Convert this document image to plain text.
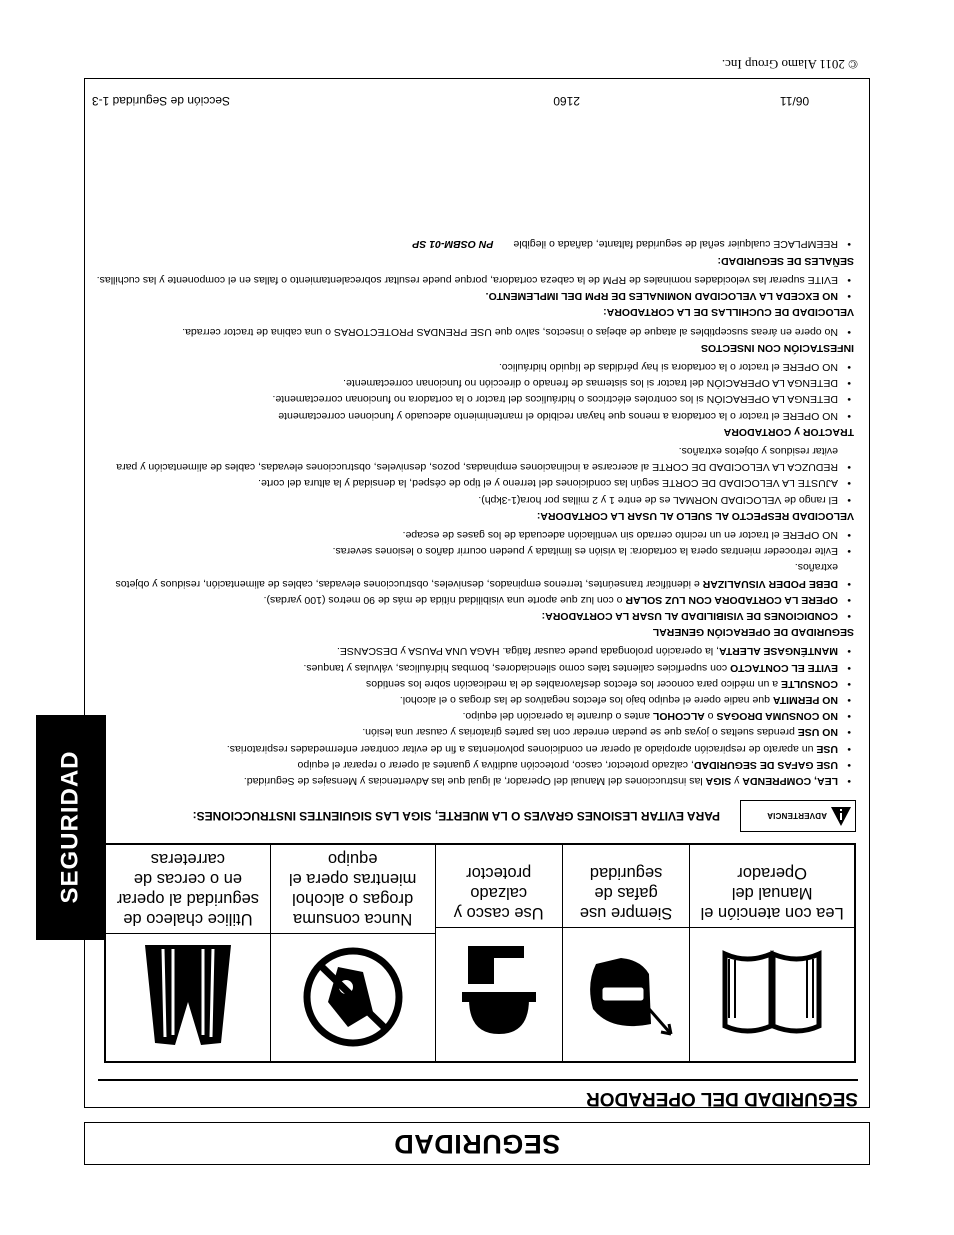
SEGURIDAD
SEGURIDAD
SEGURIDAD DEL OPERADOR
Lea con atención el Manual del Operador
Siempre use gafas de seguridad
Use casco y calzado protector
Nunca consuma drogas o alcohol mientras opera el equipo
Utilice chaleco de seguridad al operar en o cercas de carreteras
ADVERTENCIA
PARA EVITAR LESIONES GRAVES O LA MUERTE, SIGA LAS SIGUIENTES INSTRUCCIONES:
• LEA, COMPRENDA y SIGA las instrucciones del Manual del Operador, al igual que las Advertencias y Mensajes de Seguridad.
• USE GAFAS DE SEGURIDAD, calzado protector, casco, protección auditiva y guantes al operar o reparar el equipo
• USE un aparato de respiración apropiado al operar en condiciones polvorientas a fin de evitar contraer enfermedades respiratorias.
• NO USE prendas sueltas o joyas que se puedan enredar con las partes giratorias y causar una lesión.
• NO CONSUMA DROGAS o ALCOHOL antes o durante la operación del equipo.
• NO PERMITA que nadie opere el equipo bajo los efectos negativos de las drogas o el alcohol.
• CONSULTE a un médico para conocer los efectos desfavorables de la medicación sobre los sentidos
• EVITE EL CONTACTO con superficies calientes tales como silenciadores, bombas hidráulicas, válvulas y tanques.
• MANTÉNGASE ALERTA, la operación prolongada puede causar fatiga. HAGA UNA PAUSA y DESCANSE.
SEGURIDAD DE OPERACIÓN GENERAL
• CONDICIONES DE VISIBILIDAD AL USAR LA CORTADORA:
• OPERE LA CORTADORA CON LUZ SOLAR o con luz que aporte una visibilidad nítida de más de 90 metros (100 yardas).
• DEBE PODER VISUALIZAR e identificar transeúntes, terrenos empinados, desniveles, obstrucciones elevadas, cables de alimentación, residuos y objetos extraños.
• Evite retroceder mientras opera la cortadora: la visión es limitada y pueden ocurrir daños o lesiones severas.
• NO OPERE el tractor en un recinto cerrado sin ventilación adecuada de los gases de escape.
VELOCIDAD RESPECTO AL SUELO AL USAR LA CORTADORA:
• El rango de VELOCIDAD NORMAL es de entre 1 y 2 millas por hora(1-3kph).
• AJUSTE LA VELOCIDAD DE CORTE según las condiciones del terreno y el tipo de césped, la densidad y la altura del corte.
• REDUZCA LA VELOCIDAD DE CORTE al acercarse a inclinaciones empinadas, pozos, desniveles, obstrucciones elevadas, cables de alimentación y para evitar residuos y objetos extraños.
TRACTOR y CORTADORA
• NO OPERE el tractor o la cortadora a menos que hayan recibido el mantenimiento adecuado y funcionen correctamente
• DETENGA LA OPERACIÓN si los controles eléctricos o hidráulicos del tractor o la cortadora no funcionan correctamente.
• DETENGA LA OPERACIÓN del tractor si los sistemas de frenado o dirección no funcionan correctamente.
• NO OPERE el tractor o la cortadora si hay pérdidas de líquido hidráulico.
INFESTACIÓN CON INSECTOS
• No opere en áreas susceptibles al ataque de abejas o insectos, salvo que USE PRENDAS PROTECTORAS o una cabina de tractor cerrada.
VELOCIDAD DE CUCHILLAS DE LA CORTADORA:
• NO EXCEDA LA VELOCIDAD NOMINALES DE RPM DEL IMPLEMENTO.
• EVITE superar las velocidades nominales de RPM de la cabeza cortadora, porque puede resultar sobrecalentamiento o fallas en el componente y las cuchillas.
SEÑALES DE SEGURIDAD:
• REEMPLACE cualquier señal de seguridad faltante, dañada o ilegiblePN OSBM-01 SP
2160	06/11
Sección de Seguridad 1-3
© 2011 Alamo Group Inc.
